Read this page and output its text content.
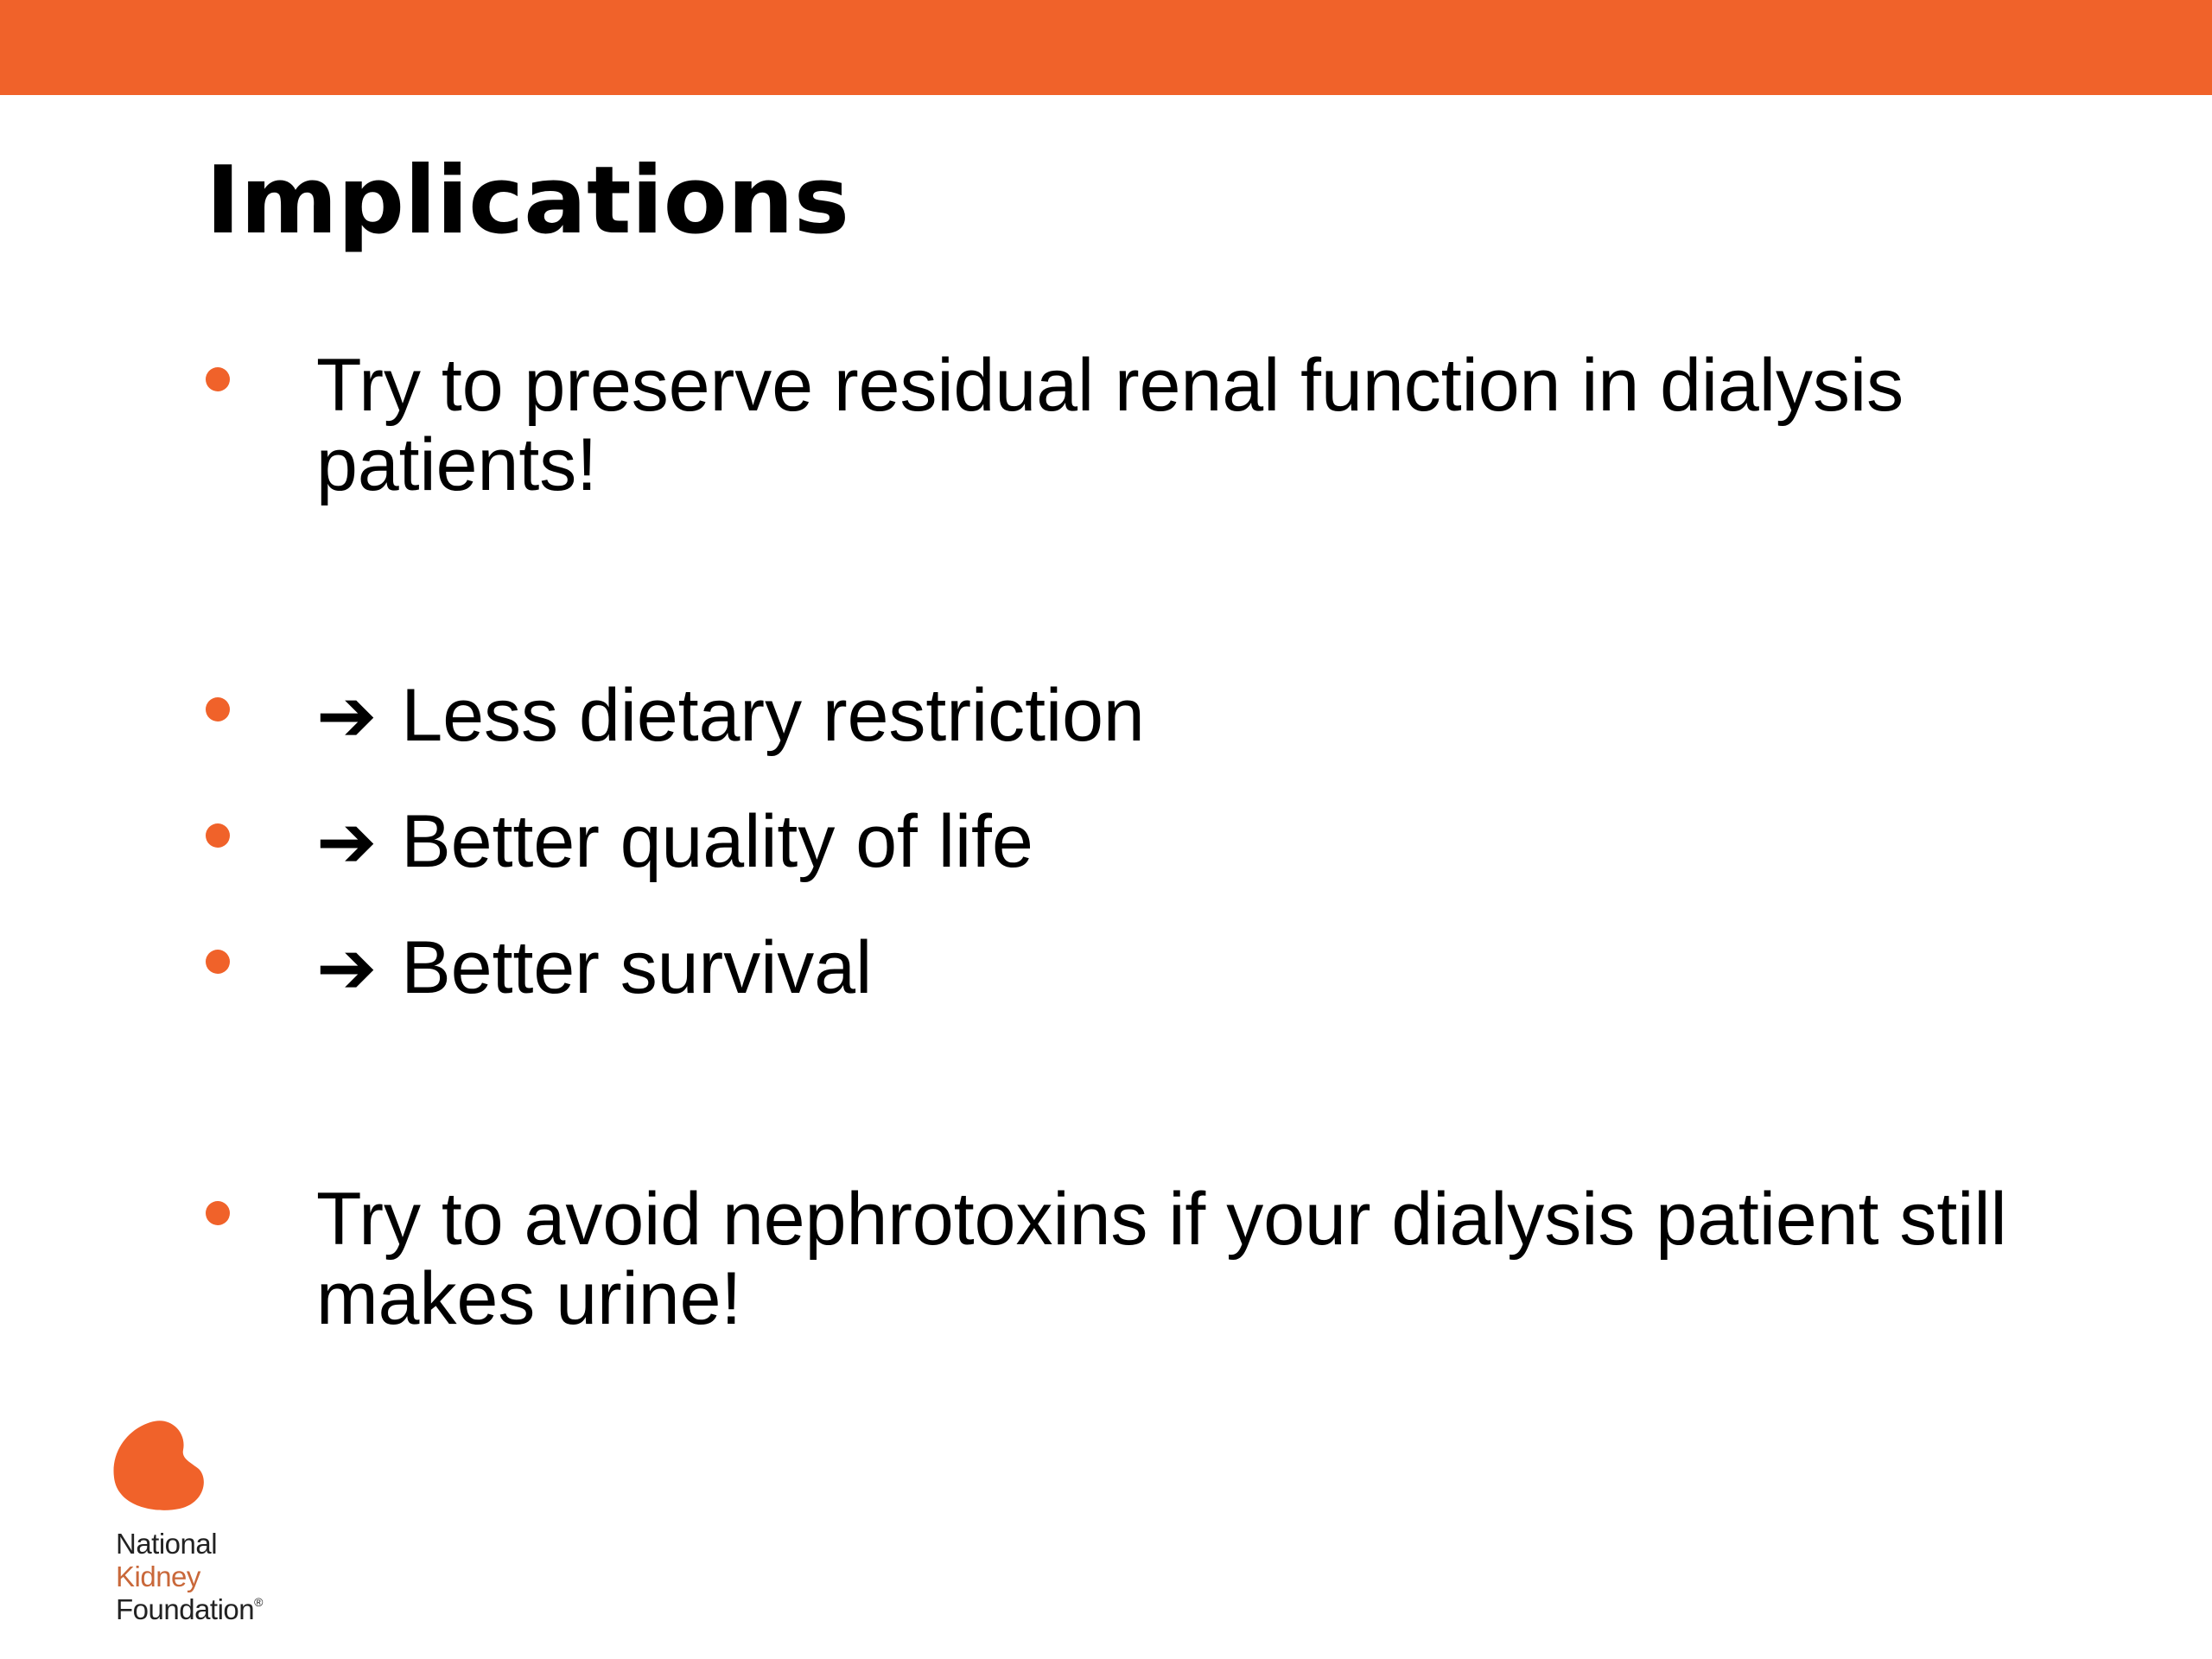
Implications
Try to preserve residual renal function in dialysis patients!
➔ Less dietary restriction
➔ Better quality of life
➔ Better survival
Try to avoid nephrotoxins if your dialysis patient still makes urine!
National
Kidney
Foundation®
